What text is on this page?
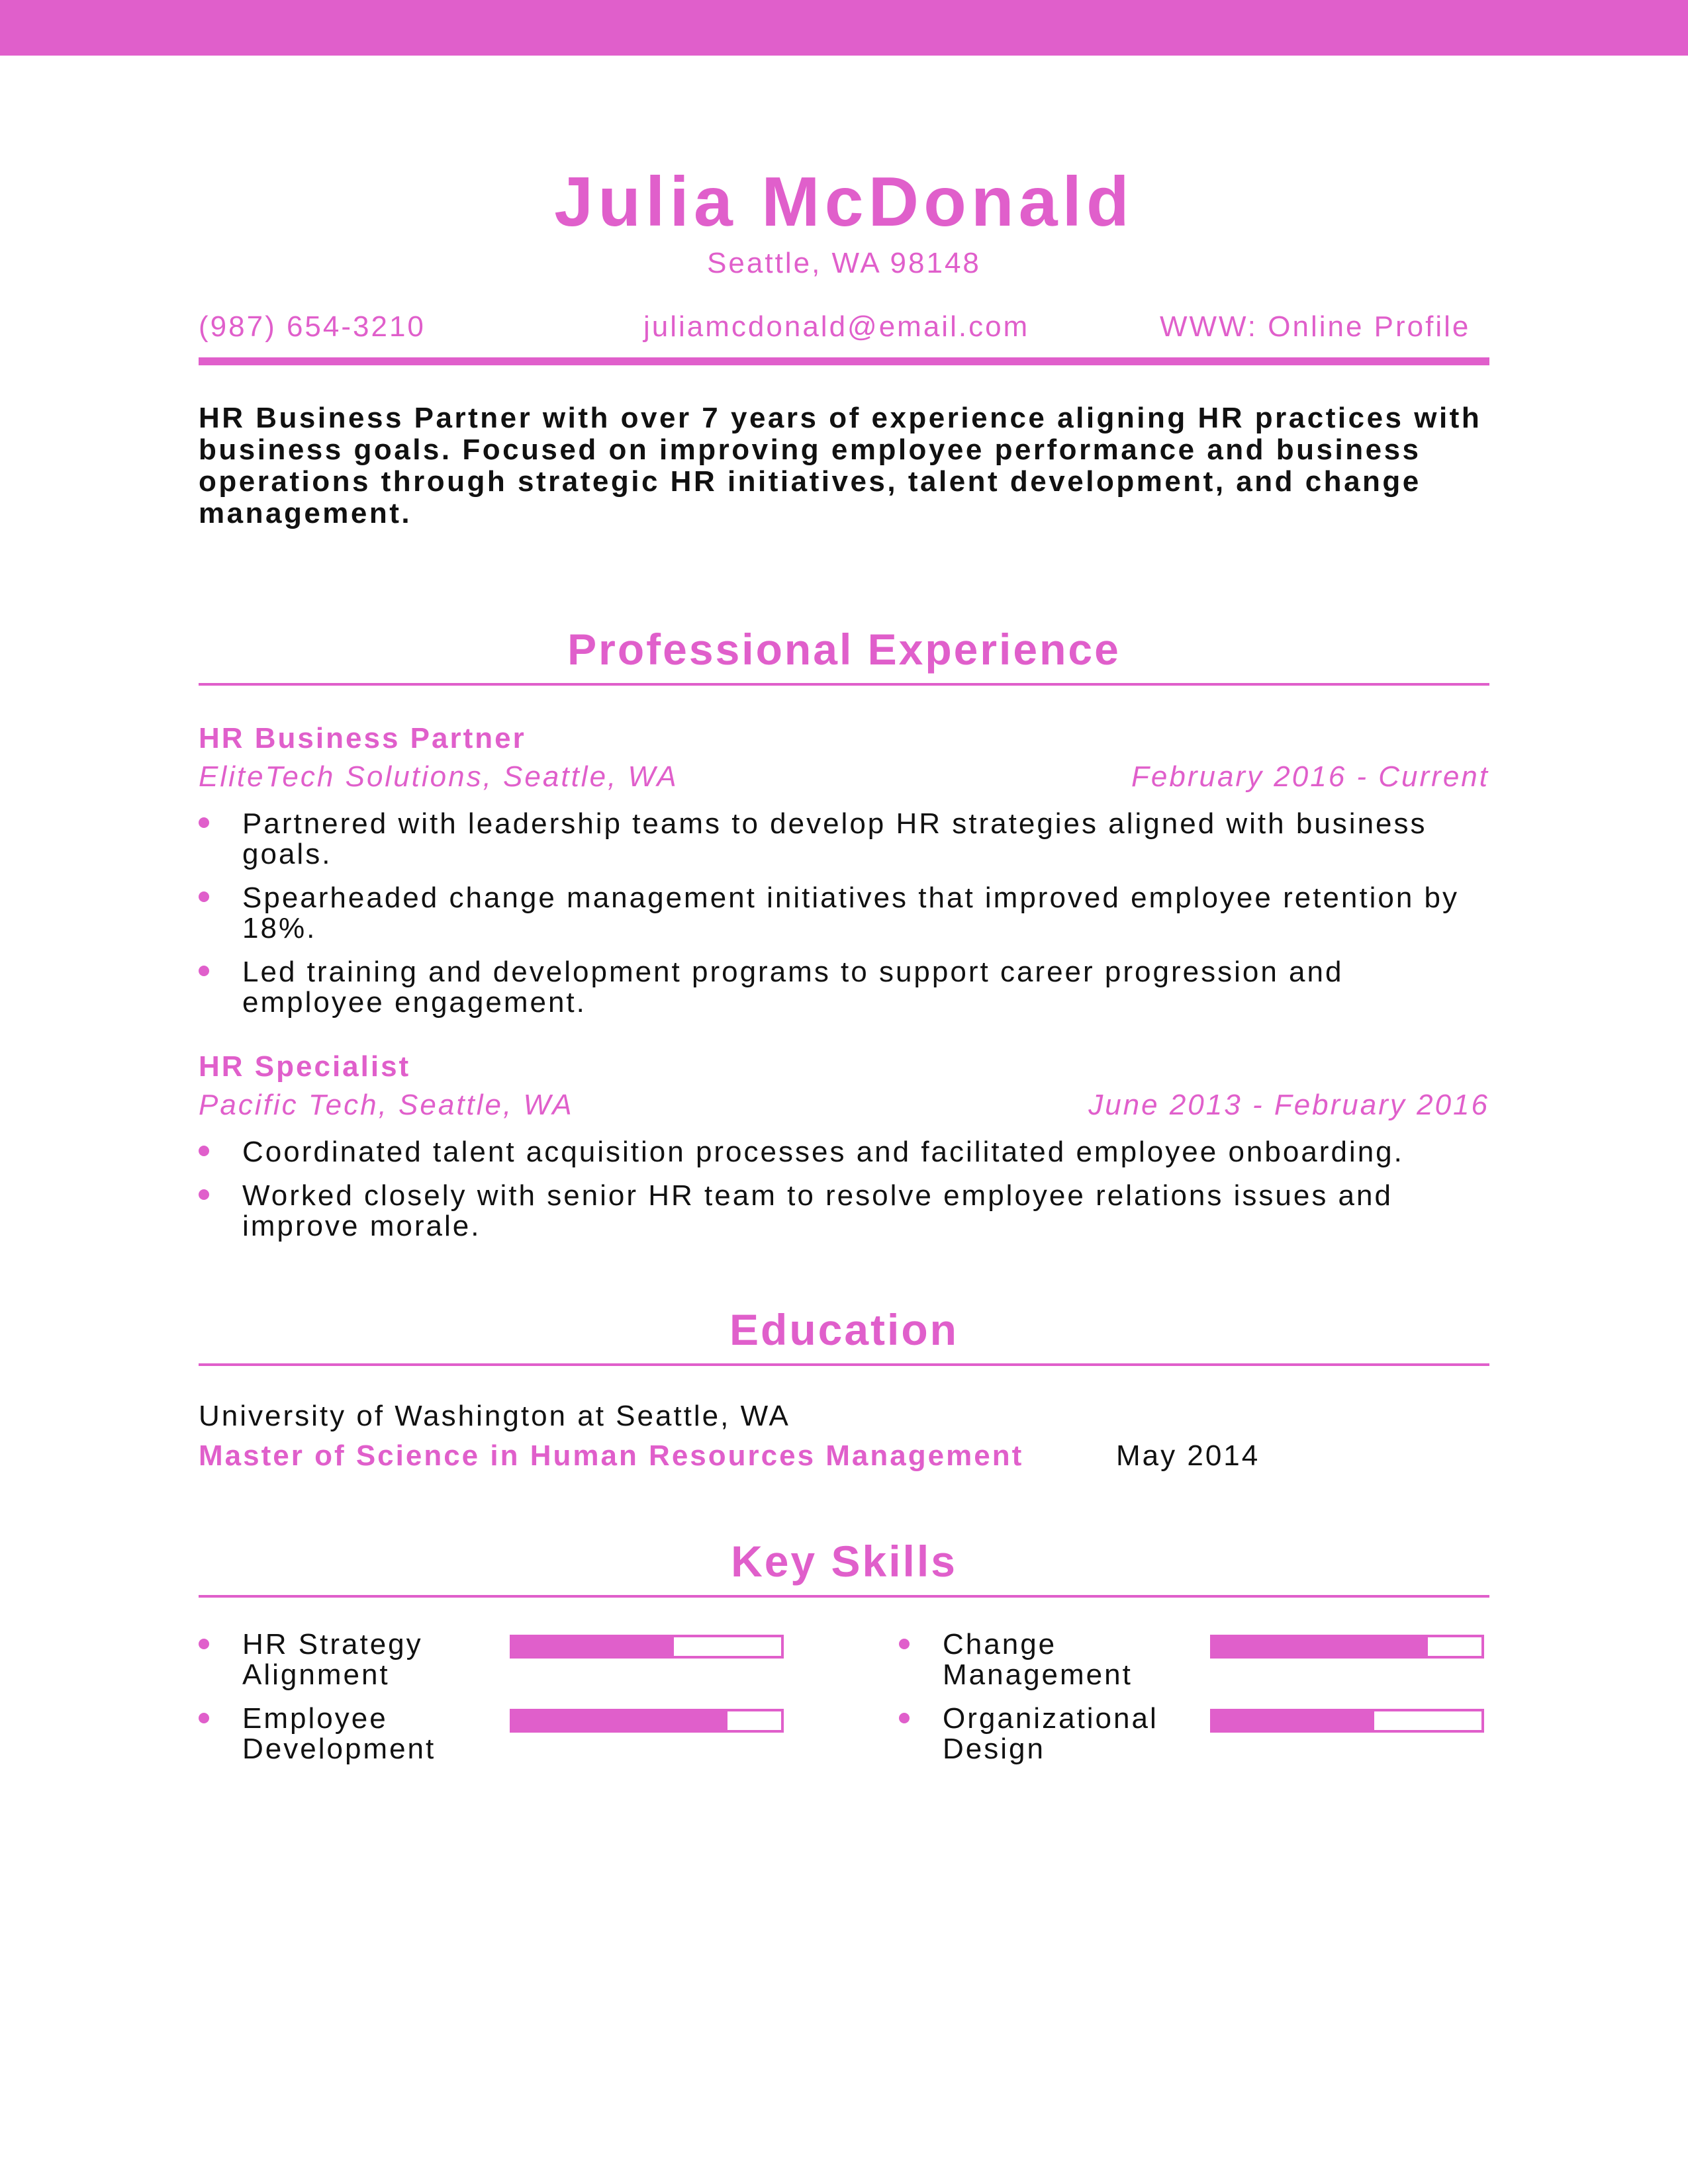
Julia McDonald
Seattle, WA 98148
(987) 654-3210	juliamcdonald@email.com	WWW: Online Profile
HR Business Partner with over 7 years of experience aligning HR practices with business goals. Focused on improving employee performance and business operations through strategic HR initiatives, talent development, and change management.
Professional Experience
HR Business Partner
EliteTech Solutions, Seattle, WA	February 2016 - Current
Partnered with leadership teams to develop HR strategies aligned with business goals.
Spearheaded change management initiatives that improved employee retention by 18%.
Led training and development programs to support career progression and employee engagement.
HR Specialist
Pacific Tech, Seattle, WA	June 2013 - February 2016
Coordinated talent acquisition processes and facilitated employee onboarding.
Worked closely with senior HR team to resolve employee relations issues and improve morale.
Education
University of Washington at Seattle, WA
Master of Science in Human Resources Management	May 2014
Key Skills
HR Strategy Alignment
Change Management
Employee Development
Organizational Design
